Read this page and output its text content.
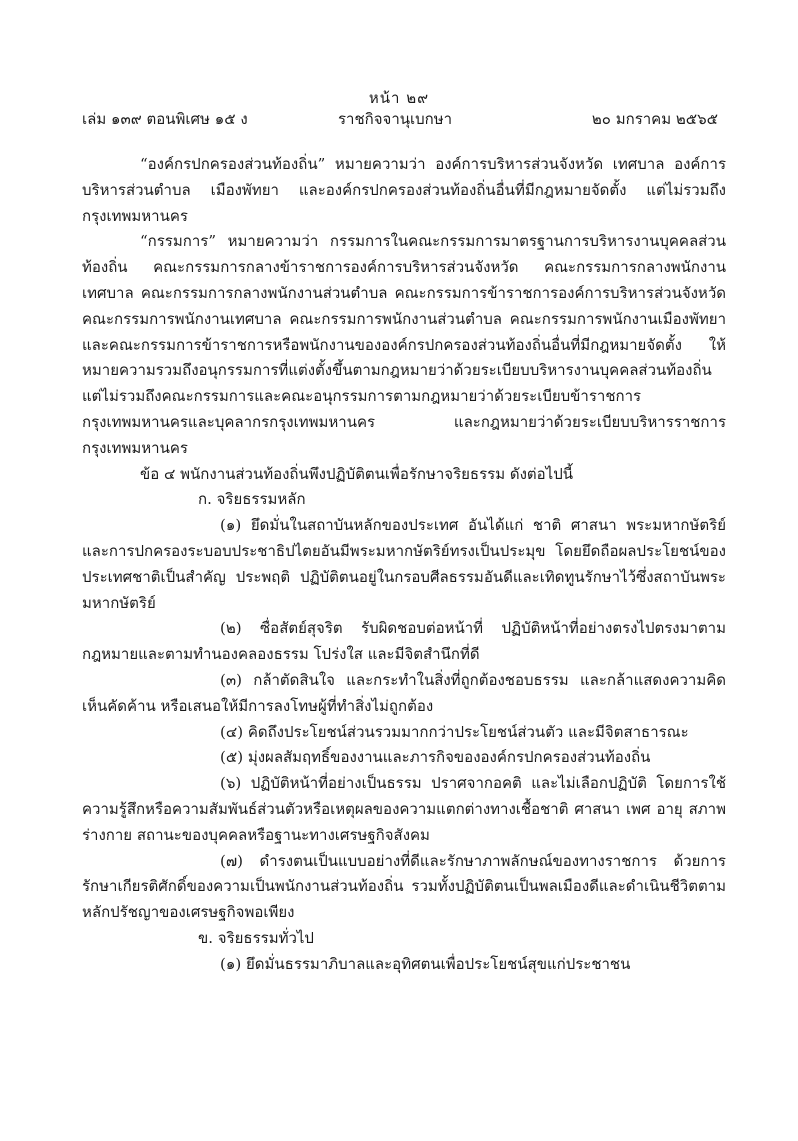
หน้า ๒๙
เล่ม ๑๓๙ ตอนพิเศษ ๑๕ ง	ราชกิจจานุเบกษา	๒๐ มกราคม ๒๕๖๕

“องค์กรปกครองส่วนท้องถิ่น” หมายความว่า องค์การบริหารส่วนจังหวัด เทศบาล องค์การบริหารส่วนตำบล เมืองพัทยา และองค์กรปกครองส่วนท้องถิ่นอื่นที่มีกฎหมายจัดตั้ง แต่ไม่รวมถึงกรุงเทพมหานคร

“กรรมการ” หมายความว่า กรรมการในคณะกรรมการมาตรฐานการบริหารงานบุคคลส่วนท้องถิ่น คณะกรรมการกลางข้าราชการองค์การบริหารส่วนจังหวัด คณะกรรมการกลางพนักงานเทศบาล คณะกรรมการกลางพนักงานส่วนตำบล คณะกรรมการข้าราชการองค์การบริหารส่วนจังหวัด คณะกรรมการพนักงานเทศบาล คณะกรรมการพนักงานส่วนตำบล คณะกรรมการพนักงานเมืองพัทยา และคณะกรรมการข้าราชการหรือพนักงานขององค์กรปกครองส่วนท้องถิ่นอื่นที่มีกฎหมายจัดตั้ง ให้หมายความรวมถึงอนุกรรมการที่แต่งตั้งขึ้นตามกฎหมายว่าด้วยระเบียบบริหารงานบุคคลส่วนท้องถิ่น แต่ไม่รวมถึงคณะกรรมการและคณะอนุกรรมการตามกฎหมายว่าด้วยระเบียบข้าราชการกรุงเทพมหานครและบุคลากรกรุงเทพมหานคร และกฎหมายว่าด้วยระเบียบบริหารราชการกรุงเทพมหานคร

ข้อ ๔ พนักงานส่วนท้องถิ่นพึงปฏิบัติตนเพื่อรักษาจริยธรรม ดังต่อไปนี้

ก. จริยธรรมหลัก

(๑) ยึดมั่นในสถาบันหลักของประเทศ อันได้แก่ ชาติ ศาสนา พระมหากษัตริย์และการปกครองระบอบประชาธิปไตยอันมีพระมหากษัตริย์ทรงเป็นประมุข โดยยึดถือผลประโยชน์ของประเทศชาติเป็นสำคัญ ประพฤติ ปฏิบัติตนอยู่ในกรอบศีลธรรมอันดีและเทิดทูนรักษาไว้ซึ่งสถาบันพระมหากษัตริย์

(๒) ซื่อสัตย์สุจริต รับผิดชอบต่อหน้าที่ ปฏิบัติหน้าที่อย่างตรงไปตรงมาตามกฎหมายและตามทำนองคลองธรรม โปร่งใส และมีจิตสำนึกที่ดี

(๓) กล้าตัดสินใจ และกระทำในสิ่งที่ถูกต้องชอบธรรม และกล้าแสดงความคิดเห็นคัดค้าน หรือเสนอให้มีการลงโทษผู้ที่ทำสิ่งไม่ถูกต้อง

(๔) คิดถึงประโยชน์ส่วนรวมมากกว่าประโยชน์ส่วนตัว และมีจิตสาธารณะ

(๕) มุ่งผลสัมฤทธิ์ของงานและภารกิจขององค์กรปกครองส่วนท้องถิ่น

(๖) ปฏิบัติหน้าที่อย่างเป็นธรรม ปราศจากอคติ และไม่เลือกปฏิบัติ โดยการใช้ความรู้สึกหรือความสัมพันธ์ส่วนตัวหรือเหตุผลของความแตกต่างทางเชื้อชาติ ศาสนา เพศ อายุ สภาพร่างกาย สถานะของบุคคลหรือฐานะทางเศรษฐกิจสังคม

(๗) ดำรงตนเป็นแบบอย่างที่ดีและรักษาภาพลักษณ์ของทางราชการ ด้วยการรักษาเกียรติศักดิ์ของความเป็นพนักงานส่วนท้องถิ่น รวมทั้งปฏิบัติตนเป็นพลเมืองดีและดำเนินชีวิตตามหลักปรัชญาของเศรษฐกิจพอเพียง

ข. จริยธรรมทั่วไป

(๑) ยึดมั่นธรรมาภิบาลและอุทิศตนเพื่อประโยชน์สุขแก่ประชาชน
